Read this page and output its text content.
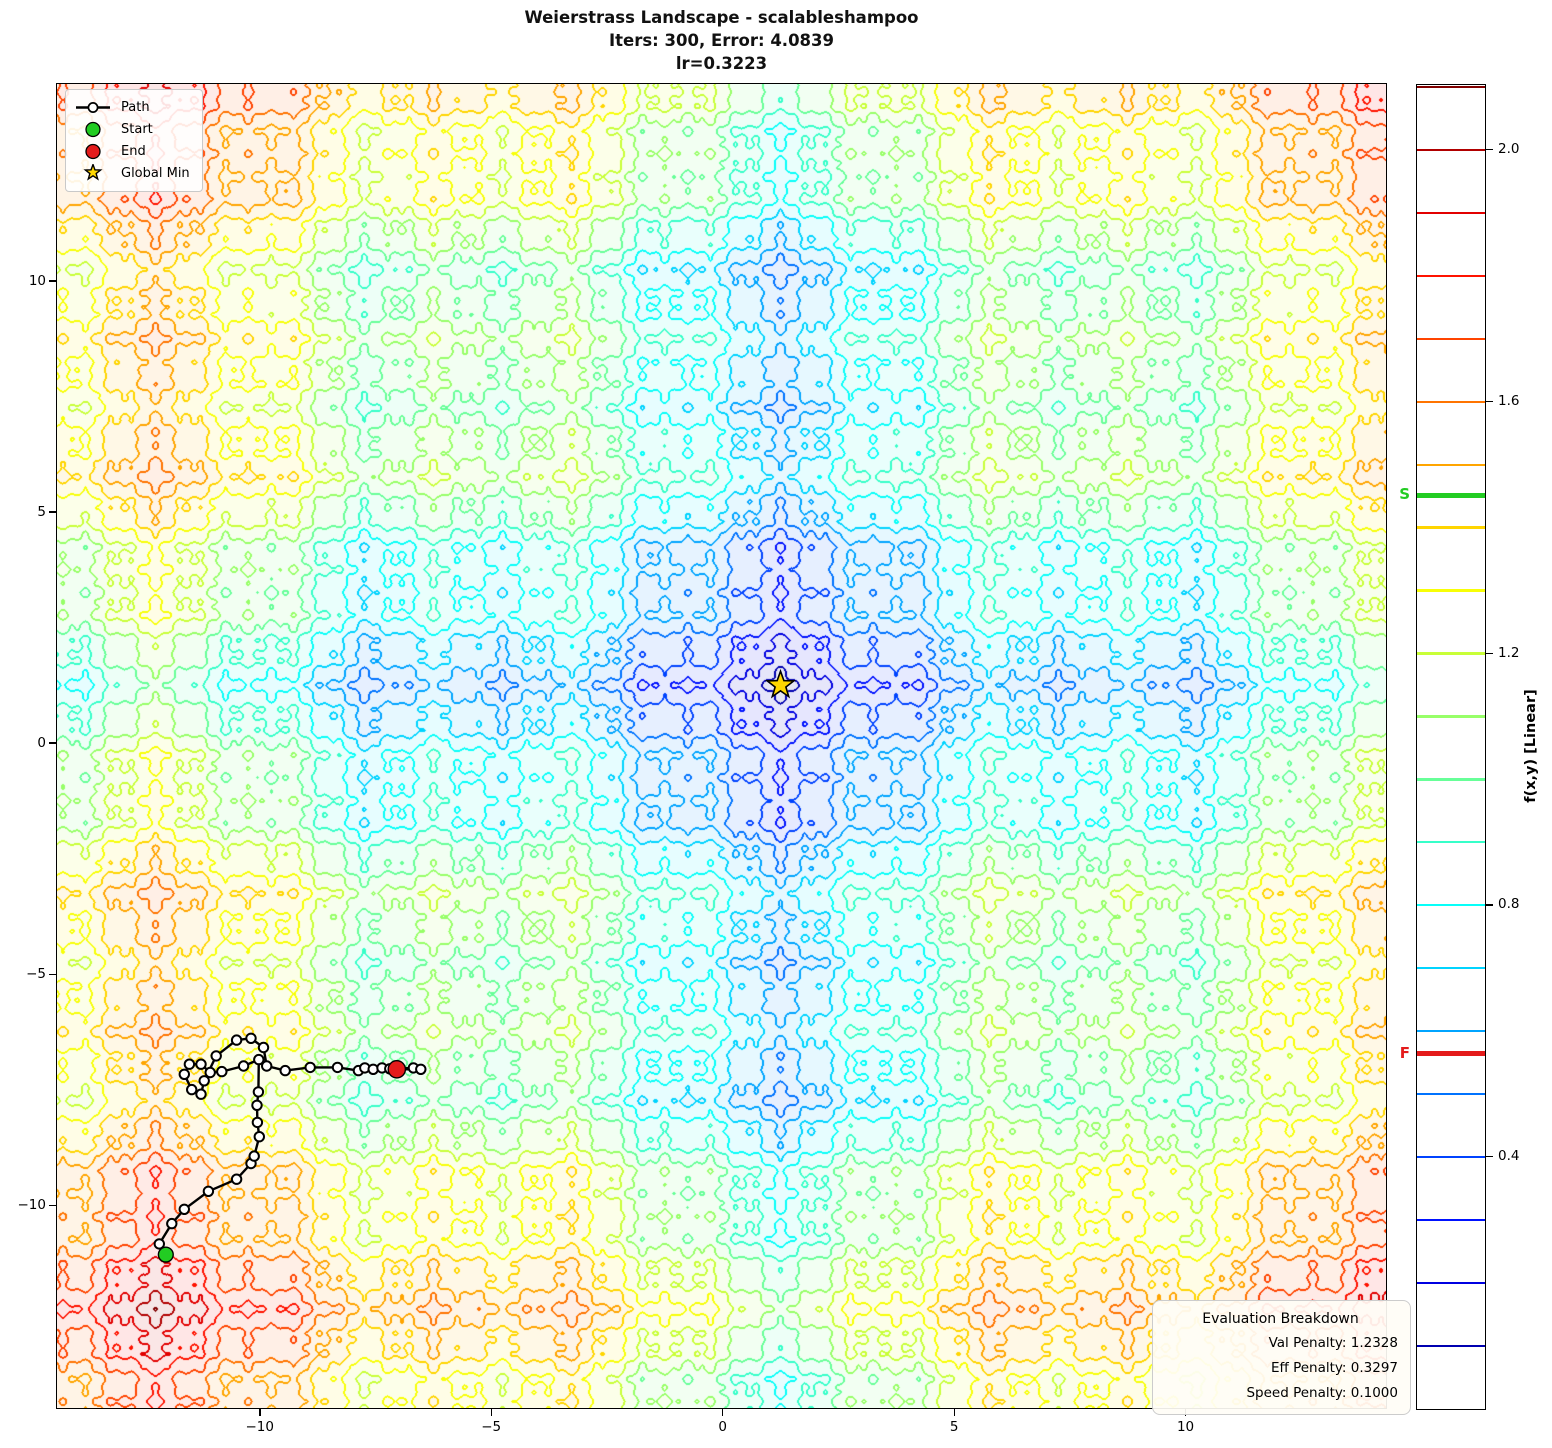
Weierstrass Landscape - scalableshampoo
Iters: 300, Error: 4.0839
lr=0.3223
Path
Start
End
Global Min
Evaluation Breakdown
Val Penalty: 1.2328
Eff Penalty: 0.3297
Speed Penalty: 0.1000
−10	−5	0	5	10
−10
−5
0
5
10
S
F
2.0
1.6
1.2
0.8
0.4
f(x,y) [Linear]
